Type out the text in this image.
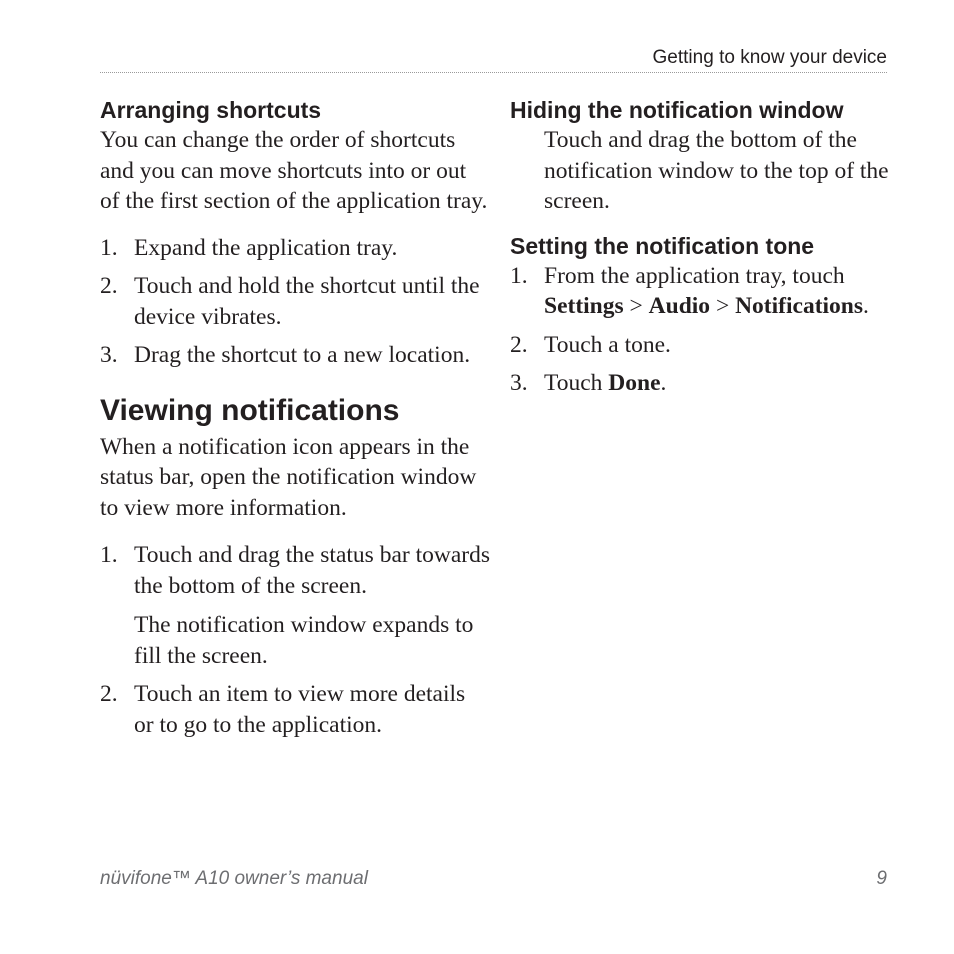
Getting to know your device
Arranging shortcuts

You can change the order of shortcuts and you can move shortcuts into or out of the first section of the application tray.

1. Expand the application tray.
2. Touch and hold the shortcut until the device vibrates.
3. Drag the shortcut to a new location.
Viewing notifications

When a notification icon appears in the status bar, open the notification window to view more information.

1. Touch and drag the status bar towards the bottom of the screen.
The notification window expands to fill the screen.
2. Touch an item to view more details or to go to the application.
Hiding the notification window

Touch and drag the bottom of the notification window to the top of the screen.

Setting the notification tone
1. From the application tray, touch Settings > Audio > Notifications.
2. Touch a tone.
3. Touch Done.
nüvifone™ A10 owner’s manual	9
